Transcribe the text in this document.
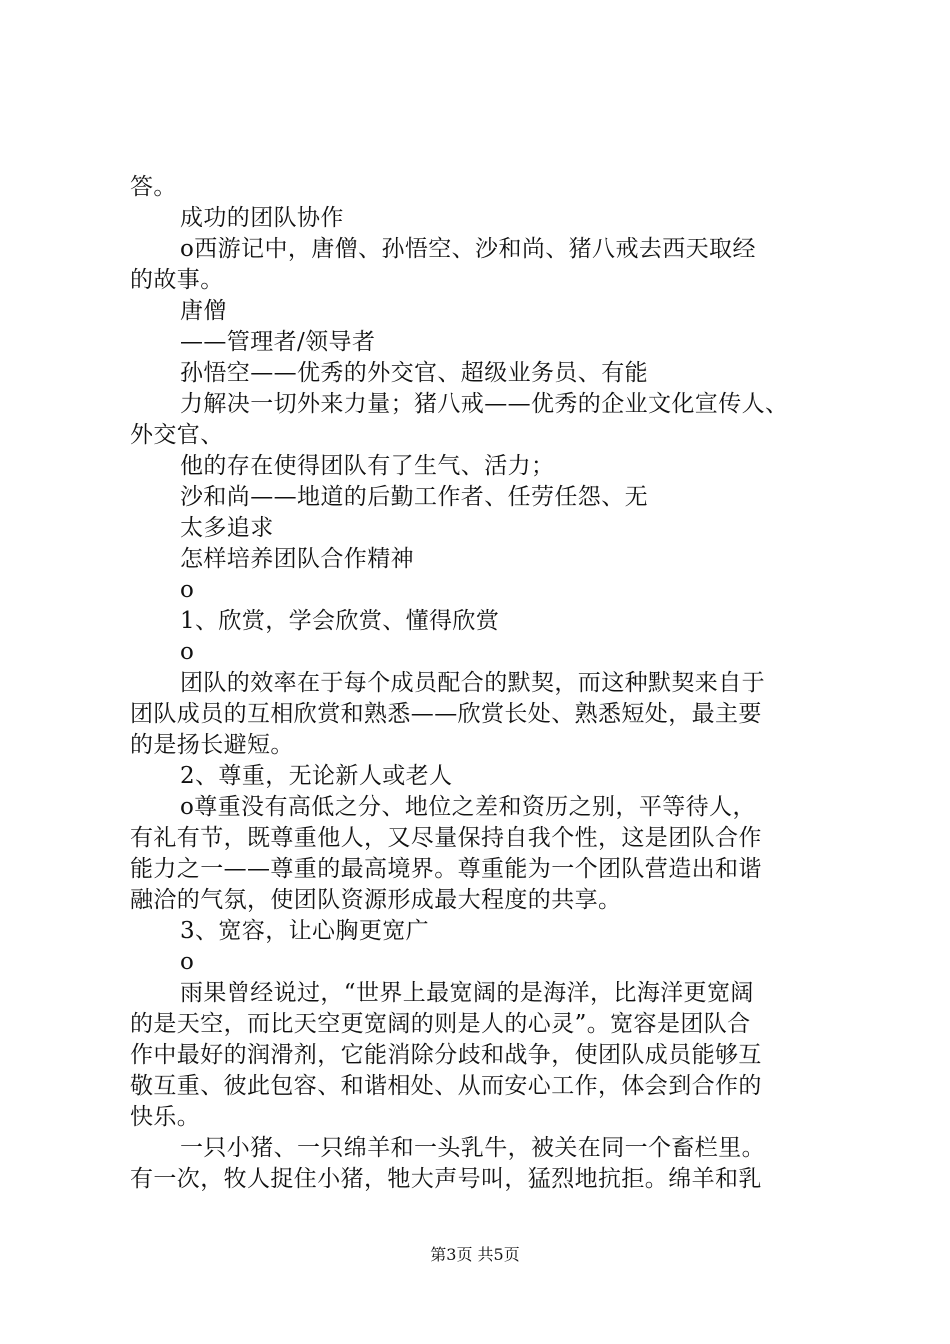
答。
成功的团队协作
o西游记中，唐僧、孙悟空、沙和尚、猪八戒去西天取经
的故事。
唐僧
——管理者/领导者
孙悟空——优秀的外交官、超级业务员、有能
力解决一切外来力量；猪八戒——优秀的企业文化宣传人、
外交官、
他的存在使得团队有了生气、活力；
沙和尚——地道的后勤工作者、任劳任怨、无
太多追求
怎样培养团队合作精神
o
1、欣赏，学会欣赏、懂得欣赏
o
团队的效率在于每个成员配合的默契，而这种默契来自于
团队成员的互相欣赏和熟悉——欣赏长处、熟悉短处，最主要
的是扬长避短。
2、尊重，无论新人或老人
o尊重没有高低之分、地位之差和资历之别，平等待人，
有礼有节，既尊重他人，又尽量保持自我个性，这是团队合作
能力之一——尊重的最高境界。尊重能为一个团队营造出和谐
融洽的气氛，使团队资源形成最大程度的共享。
3、宽容，让心胸更宽广
o
雨果曾经说过，“世界上最宽阔的是海洋，比海洋更宽阔
的是天空，而比天空更宽阔的则是人的心灵”。宽容是团队合
作中最好的润滑剂，它能消除分歧和战争，使团队成员能够互
敬互重、彼此包容、和谐相处、从而安心工作，体会到合作的
快乐。
一只小猪、一只绵羊和一头乳牛，被关在同一个畜栏里。
有一次，牧人捉住小猪，牠大声号叫，猛烈地抗拒。绵羊和乳
第3页 共5页
